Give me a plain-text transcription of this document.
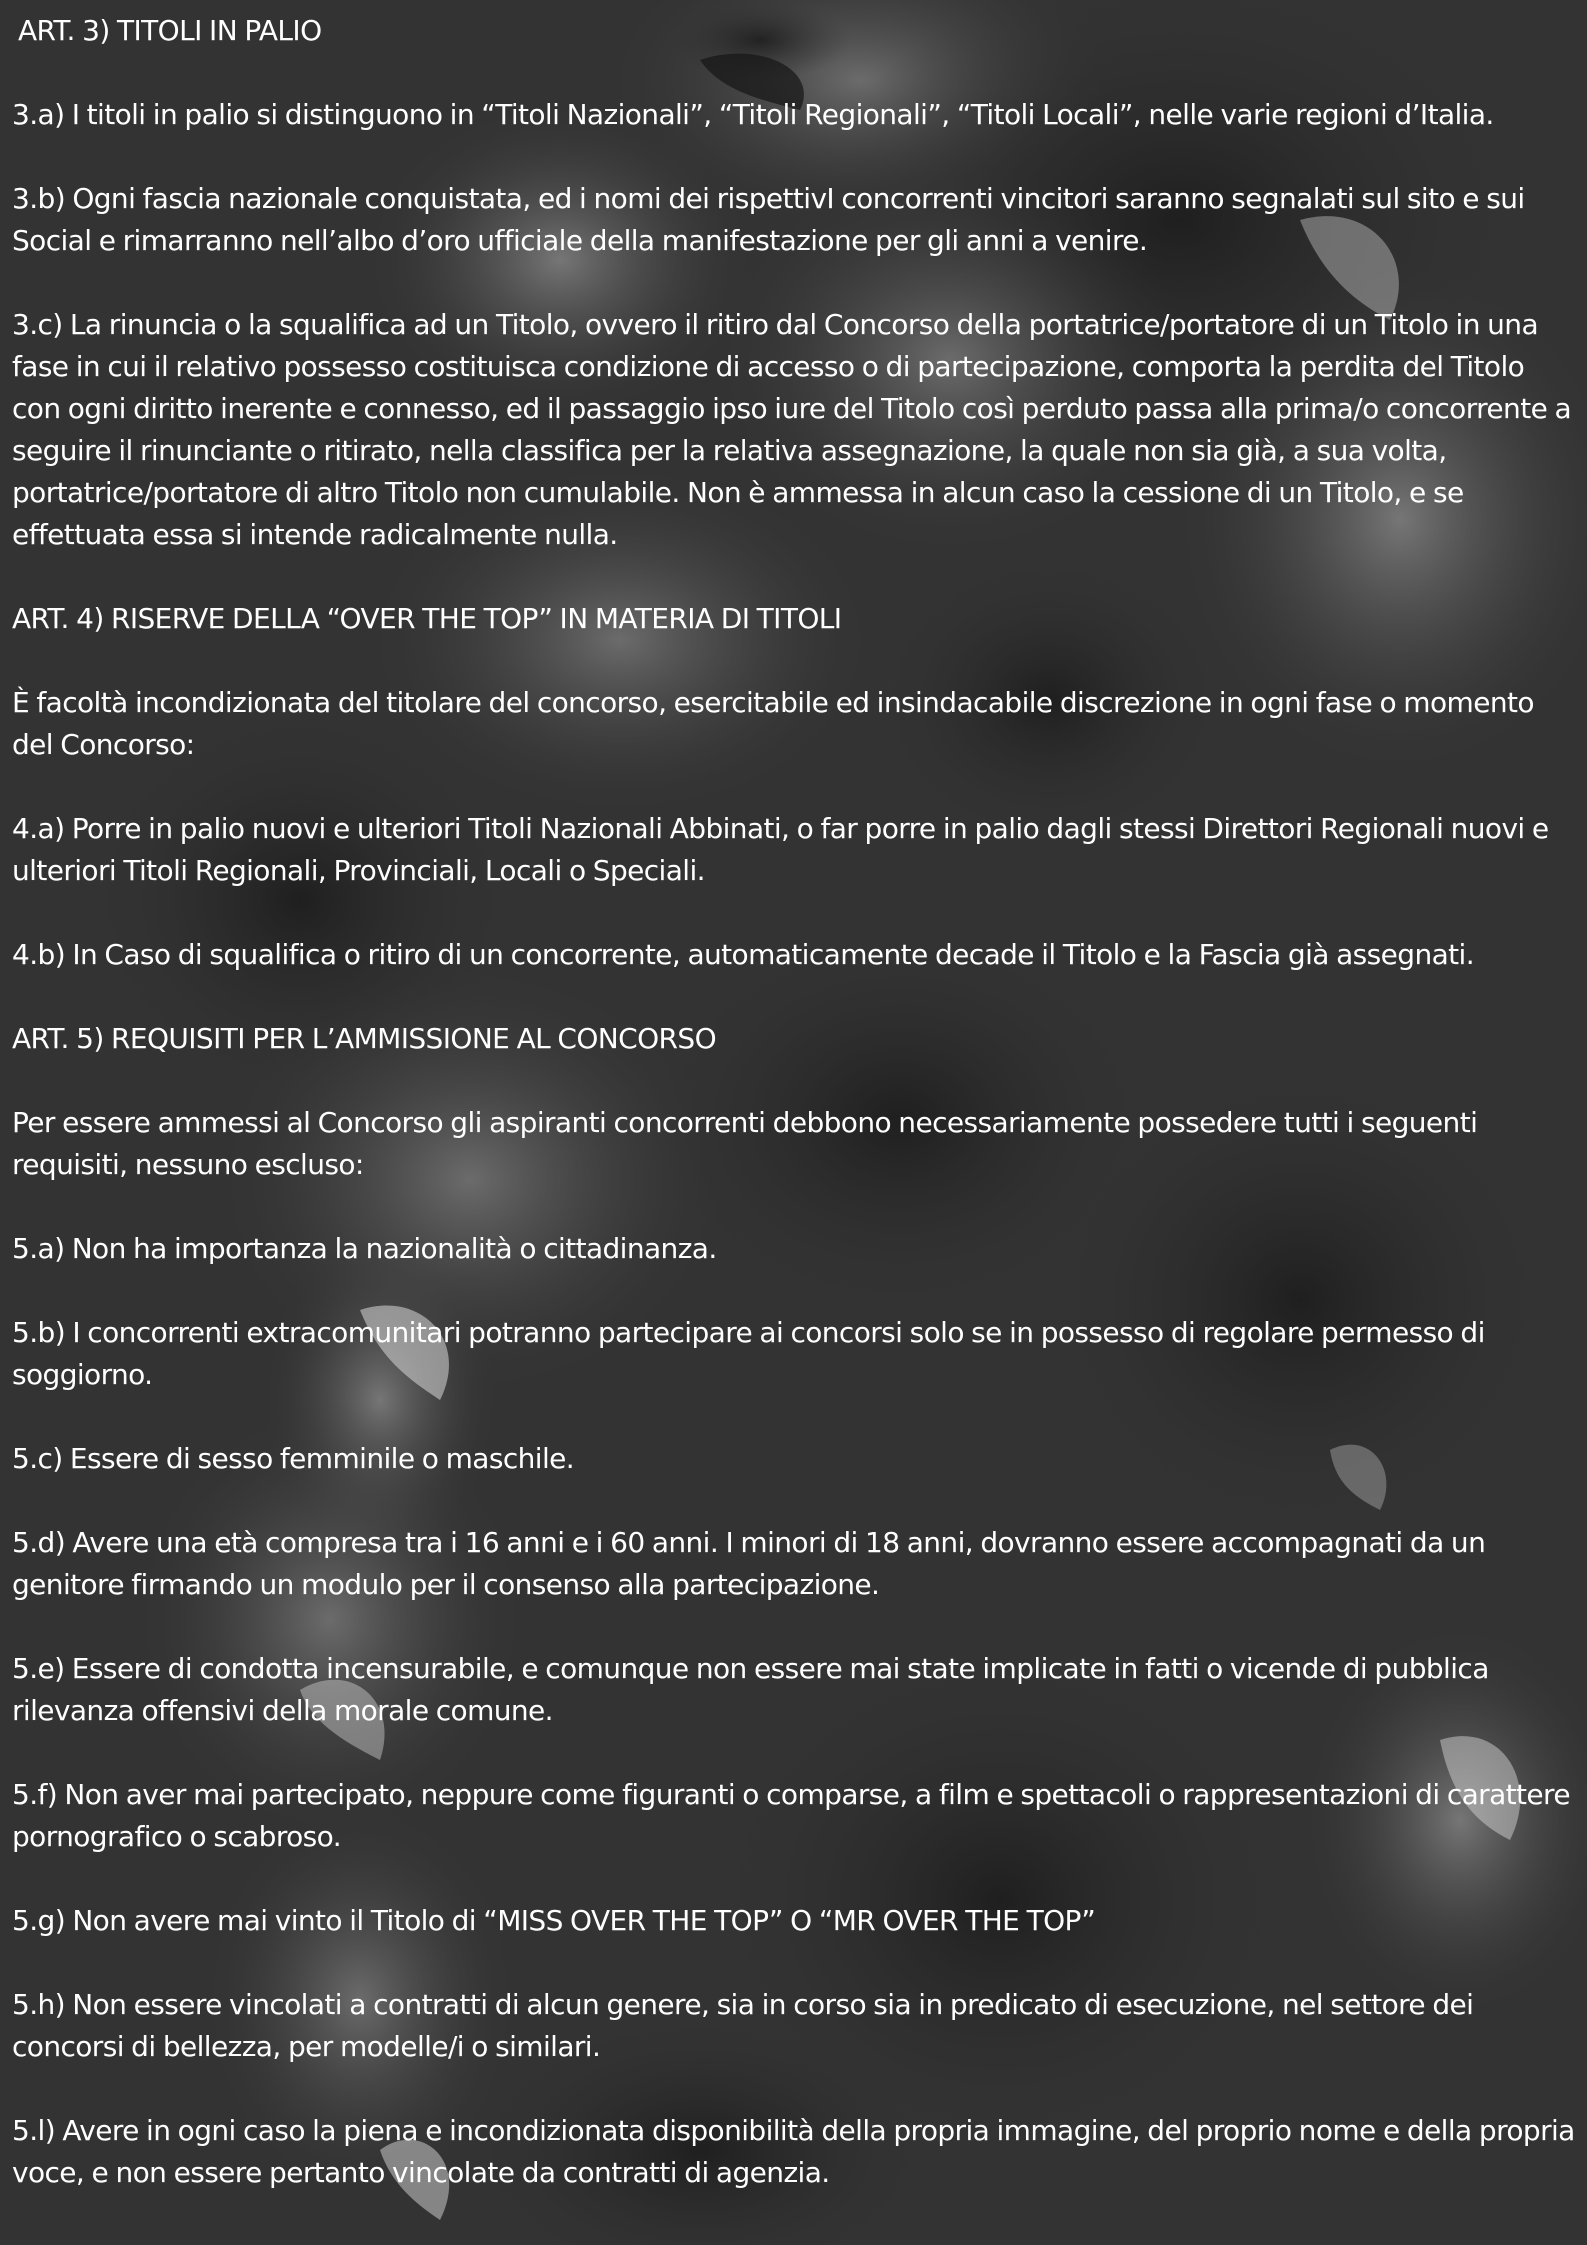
ART. 3) TITOLI IN PALIO

3.a) I titoli in palio si distinguono in “Titoli Nazionali”, “Titoli Regionali”, “Titoli Locali”, nelle varie regioni d’Italia.

3.b) Ogni fascia nazionale conquistata, ed i nomi dei rispettivI concorrenti vincitori saranno segnalati sul sito e sui Social e rimarranno nell’albo d’oro ufficiale della manifestazione per gli anni a venire.

3.c) La rinuncia o la squalifica ad un Titolo, ovvero il ritiro dal Concorso della portatrice/portatore di un Titolo in una fase in cui il relativo possesso costituisca condizione di accesso o di partecipazione, comporta la perdita del Titolo con ogni diritto inerente e connesso, ed il passaggio ipso iure del Titolo così perduto passa alla prima/o concorrente a seguire il rinunciante o ritirato, nella classifica per la relativa assegnazione, la quale non sia già, a sua volta, portatrice/portatore di altro Titolo non cumulabile. Non è ammessa in alcun caso la cessione di un Titolo, e se effettuata essa si intende radicalmente nulla.

ART. 4) RISERVE DELLA “OVER THE TOP” IN MATERIA DI TITOLI

È facoltà incondizionata del titolare del concorso, esercitabile ed insindacabile discrezione in ogni fase o momento del Concorso:

4.a) Porre in palio nuovi e ulteriori Titoli Nazionali Abbinati, o far porre in palio dagli stessi Direttori Regionali nuovi e ulteriori Titoli Regionali, Provinciali, Locali o Speciali.

4.b) In Caso di squalifica o ritiro di un concorrente, automaticamente decade il Titolo e la Fascia già assegnati.

ART. 5) REQUISITI PER L’AMMISSIONE AL CONCORSO

Per essere ammessi al Concorso gli aspiranti concorrenti debbono necessariamente possedere tutti i seguenti requisiti, nessuno escluso:

5.a) Non ha importanza la nazionalità o cittadinanza.

5.b) I concorrenti extracomunitari potranno partecipare ai concorsi solo se in possesso di regolare permesso di soggiorno.

5.c) Essere di sesso femminile o maschile.

5.d) Avere una età compresa tra i 16 anni e i 60 anni. I minori di 18 anni, dovranno essere accompagnati da un genitore firmando un modulo per il consenso alla partecipazione.

5.e) Essere di condotta incensurabile, e comunque non essere mai state implicate in fatti o vicende di pubblica rilevanza offensivi della morale comune.

5.f) Non aver mai partecipato, neppure come figuranti o comparse, a film e spettacoli o rappresentazioni di carattere pornografico o scabroso.

5.g) Non avere mai vinto il Titolo di “MISS OVER THE TOP” O “MR OVER THE TOP”

5.h) Non essere vincolati a contratti di alcun genere, sia in corso sia in predicato di esecuzione, nel settore dei concorsi di bellezza, per modelle/i o similari.

5.l) Avere in ogni caso la piena e incondizionata disponibilità della propria immagine, del proprio nome e della propria voce, e non essere pertanto vincolate da contratti di agenzia.
